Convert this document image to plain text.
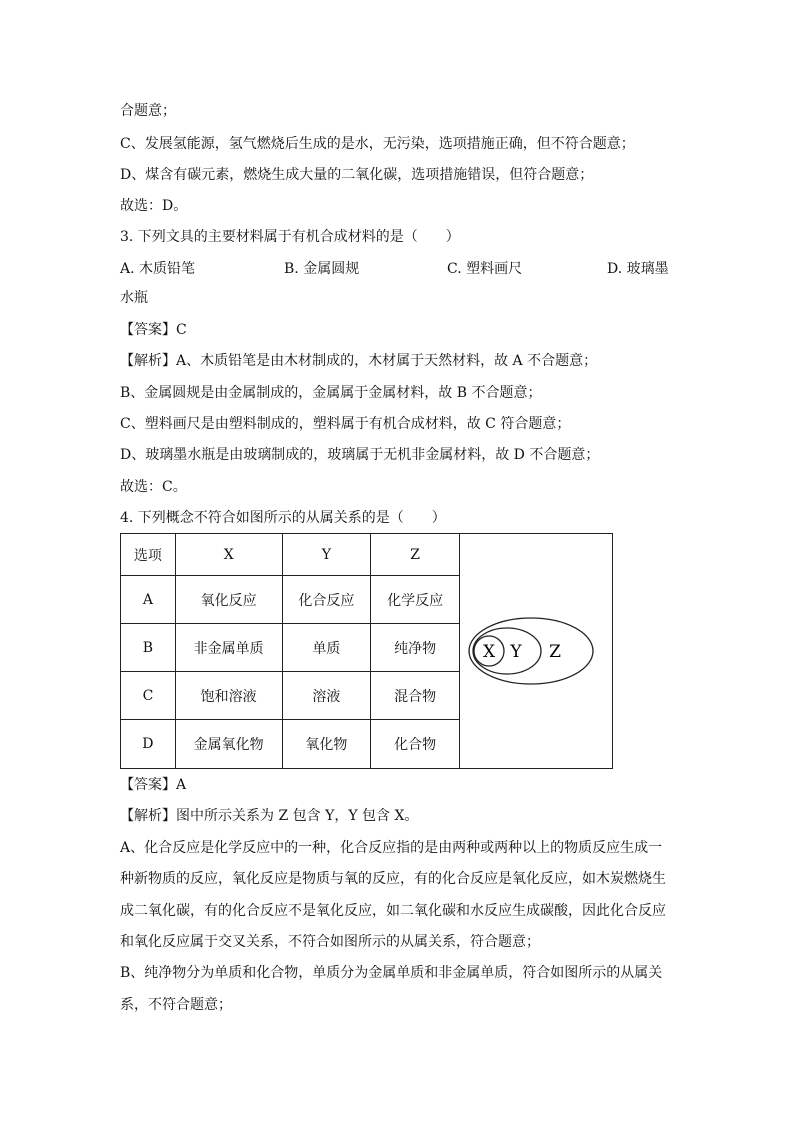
合题意；
C、发展氢能源，氢气燃烧后生成的是水，无污染，选项措施正确，但不符合题意；
D、煤含有碳元素，燃烧生成大量的二氧化碳，选项措施错误，但符合题意；
故选：D。
3. 下列文具的主要材料属于有机合成材料的是（　　）
A. 木质铅笔	B. 金属圆规	C. 塑料画尺	D. 玻璃墨
水瓶
【答案】C
【解析】A、木质铅笔是由木材制成的，木材属于天然材料，故 A 不合题意；
B、金属圆规是由金属制成的，金属属于金属材料，故 B 不合题意；
C、塑料画尺是由塑料制成的，塑料属于有机合成材料，故 C 符合题意；
D、玻璃墨水瓶是由玻璃制成的，玻璃属于无机非金属材料，故 D 不合题意；
故选：C。
4. 下列概念不符合如图所示的从属关系的是（　　）
选项	X	Y	Z	X Y Z

A	氧化反应	化合反应	化学反应	
B	非金属单质	单质	纯净物	
C	饱和溶液	溶液	混合物	
D	金属氧化物	氧化物	化合物	
【答案】A
【解析】图中所示关系为 Z 包含 Y，Y 包含 X。
A、化合反应是化学反应中的一种，化合反应指的是由两种或两种以上的物质反应生成一
种新物质的反应，氧化反应是物质与氧的反应，有的化合反应是氧化反应，如木炭燃烧生
成二氧化碳，有的化合反应不是氧化反应，如二氧化碳和水反应生成碳酸，因此化合反应
和氧化反应属于交叉关系，不符合如图所示的从属关系，符合题意；
B、纯净物分为单质和化合物，单质分为金属单质和非金属单质，符合如图所示的从属关
系，不符合题意；
